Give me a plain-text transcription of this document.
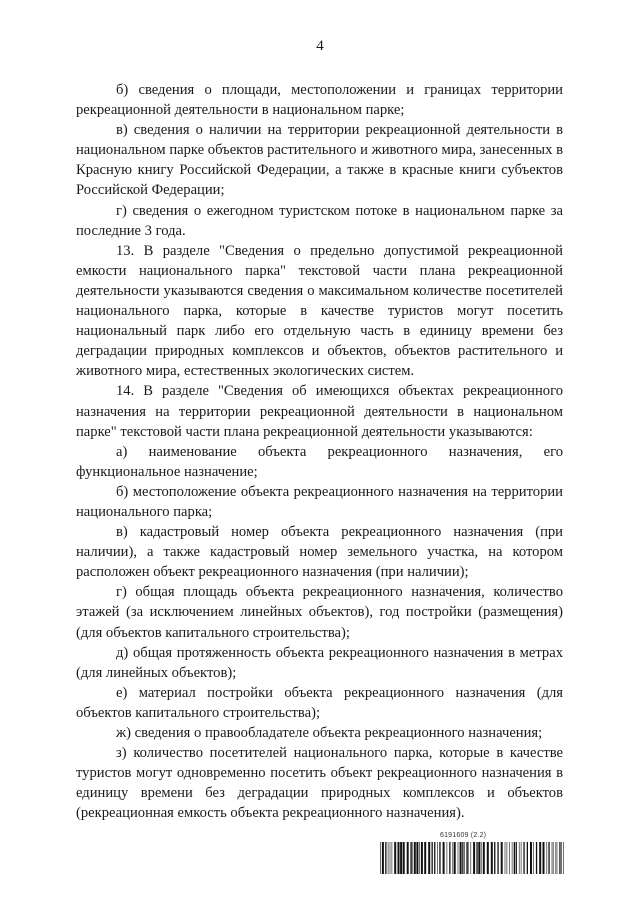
4

б) сведения о площади, местоположении и границах территории рекреационной деятельности в национальном парке;

в) сведения о наличии на территории рекреационной деятельности в национальном парке объектов растительного и животного мира, занесенных в Красную книгу Российской Федерации, а также в красные книги субъектов Российской Федерации;

г) сведения о ежегодном туристском потоке в национальном парке за последние 3 года.

13. В разделе "Сведения о предельно допустимой рекреационной емкости национального парка" текстовой части плана рекреационной деятельности указываются сведения о максимальном количестве посетителей национального парка, которые в качестве туристов могут посетить национальный парк либо его отдельную часть в единицу времени без деградации природных комплексов и объектов, объектов растительного и животного мира, естественных экологических систем.

14. В разделе "Сведения об имеющихся объектах рекреационного назначения на территории рекреационной деятельности в национальном парке" текстовой части плана рекреационной деятельности указываются:

а) наименование объекта рекреационного назначения, его функциональное назначение;

б) местоположение объекта рекреационного назначения на территории национального парка;

в) кадастровый номер объекта рекреационного назначения (при наличии), а также кадастровый номер земельного участка, на котором расположен объект рекреационного назначения (при наличии);

г) общая площадь объекта рекреационного назначения, количество этажей (за исключением линейных объектов), год постройки (размещения) (для объектов капитального строительства);

д) общая протяженность объекта рекреационного назначения в метрах (для линейных объектов);

е) материал постройки объекта рекреационного назначения (для объектов капитального строительства);

ж) сведения о правообладателе объекта рекреационного назначения;

з) количество посетителей национального парка, которые в качестве туристов могут одновременно посетить объект рекреационного назначения в единицу времени без деградации природных комплексов и объектов (рекреационная емкость объекта рекреационного назначения).

6191609 (2.2)
